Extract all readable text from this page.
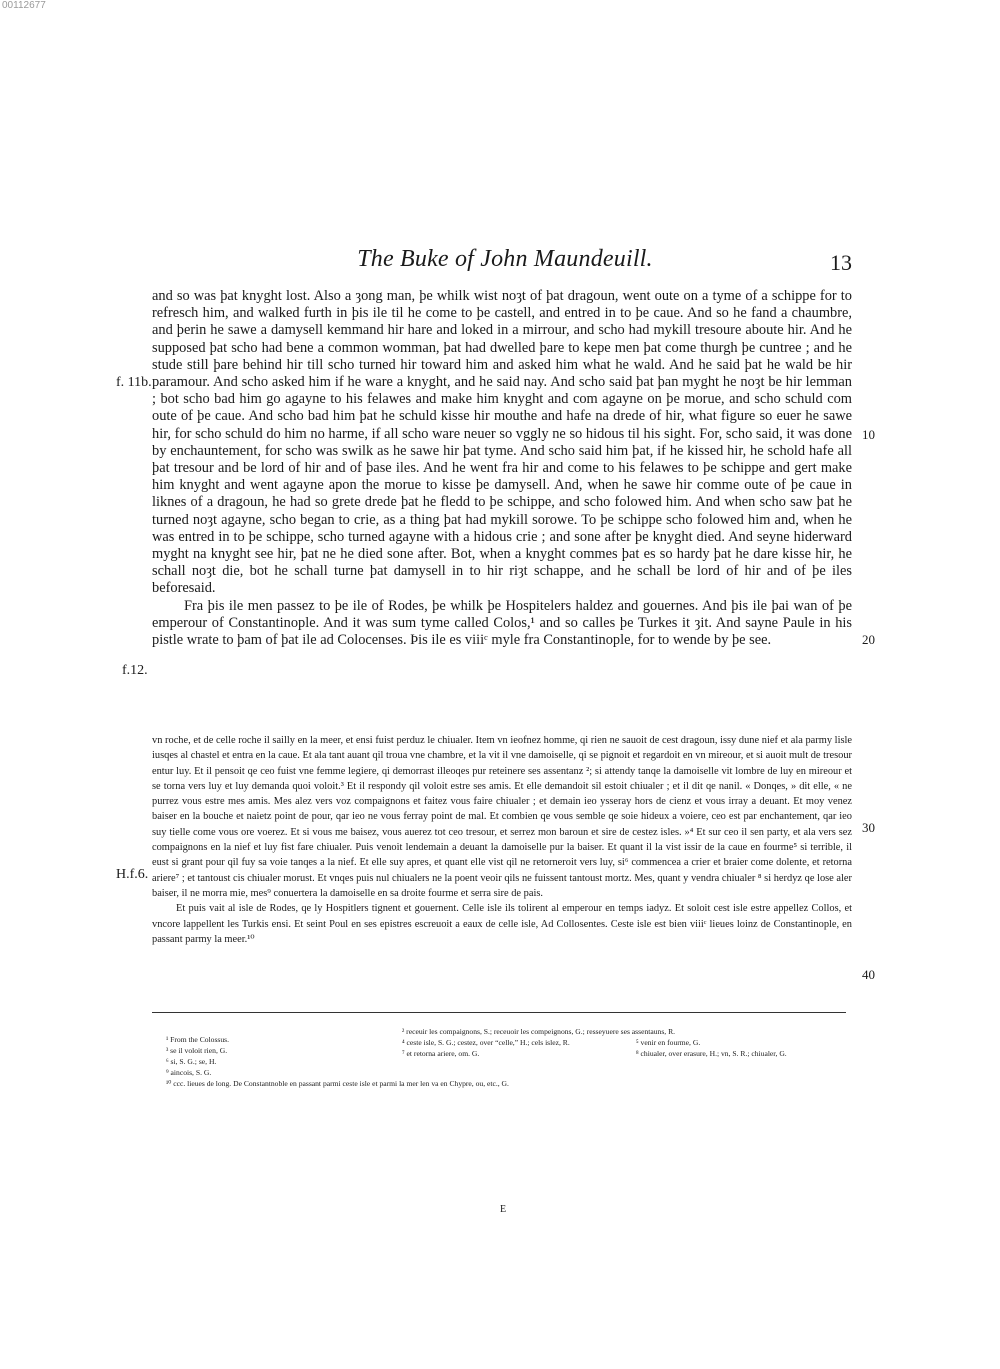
00112677
The Buke of John Maundeuill.	13
f. 11b.
f.12.
H.f.6.
10
20
30
40

and so was þat knyght lost. Also a ȝong man, þe whilk wist noȝt of þat dragoun, went oute on a tyme of a schippe for to refresch him, and walked furth in þis ile til he come to þe castell, and entred in to þe caue. And so he fand a chaumbre, and þerin he sawe a damysell kemmand hir hare and loked in a mirrour, and scho had mykill tresoure aboute hir. And he supposed þat scho had bene a common womman, þat had dwelled þare to kepe men þat come thurgh þe cuntree ; and he stude still þare behind hir till scho turned hir toward him and asked him what he wald. And he said þat he wald be hir paramour. And scho asked him if he ware a knyght, and he said nay. And scho said þat þan myght he noȝt be hir lemman ; bot scho bad him go agayne to his felawes and make him knyght and com agayne on þe morue, and scho schuld com oute of þe caue. And scho bad him þat he schuld kisse hir mouthe and hafe na drede of hir, what figure so euer he sawe hir, for scho schuld do him no harme, if all scho ware neuer so vggly ne so hidous til his sight. For, scho said, it was done by enchauntement, for scho was swilk as he sawe hir þat tyme. And scho said him þat, if he kissed hir, he schold hafe all þat tresour and be lord of hir and of þase iles. And he went fra hir and come to his felawes to þe schippe and gert make him knyght and went agayne apon the morue to kisse þe damysell. And, when he sawe hir comme oute of þe caue in liknes of a dragoun, he had so grete drede þat he fledd to þe schippe, and scho folowed him. And when scho saw þat he turned noȝt agayne, scho began to crie, as a thing þat had mykill sorowe. To þe schippe scho folowed him and, when he was entred in to þe schippe, scho turned agayne with a hidous crie ; and sone after þe knyght died. And seyne hiderward myght na knyght see hir, þat ne he died sone after. Bot, when a knyght commes þat es so hardy þat he dare kisse hir, he schall noȝt die, bot he schall turne þat damysell in to hir riȝt schappe, and he schall be lord of hir and of þe iles beforesaid.

Fra þis ile men passez to þe ile of Rodes, þe whilk þe Hospitelers haldez and gouernes. And þis ile þai wan of þe emperour of Constantinople. And it was sum tyme called Colos,¹ and so calles þe Turkes it ȝit. And sayne Paule in his pistle wrate to þam of þat ile ad Colocenses. Þis ile es viiiᶜ myle fra Constantinople, for to wende by þe see.

vn roche, et de celle roche il sailly en la meer, et ensi fuist perduz le chiualer. Item vn ieofnez homme, qi rien ne sauoit de cest dragoun, issy dune nief et ala parmy lisle iusqes al chastel et entra en la caue. Et ala tant auant qil troua vne chambre, et la vit il vne damoiselle, qi se pignoit et regardoit en vn mireour, et si auoit mult de tresour entur luy. Et il pensoit qe ceo fuist vne femme legiere, qi demorrast illeoqes pur reteinere ses assentanz ²; si attendy tanqe la damoiselle vit lombre de luy en mireour et se torna vers luy et luy demanda quoi voloit.³ Et il respondy qil voloit estre ses amis. Et elle demandoit sil estoit chiualer ; et il dit qe nanil. « Donqes, » dit elle, « ne purrez vous estre mes amis. Mes alez vers voz compaignons et faitez vous faire chiualer ; et demain ieo ysseray hors de cienz et vous irray a deuant. Et moy venez baiser en la bouche et naietz point de pour, qar ieo ne vous ferray point de mal. Et combien qe vous semble qe soie hideux a voiere, ceo est par enchantement, qar ieo suy tielle come vous ore voerez. Et si vous me baisez, vous auerez tot ceo tresour, et serrez mon baroun et sire de cestez isles. »⁴ Et sur ceo il sen party, et ala vers sez compaignons en la nief et luy fist fare chiualer. Puis venoit lendemain a deuant la damoiselle pur la baiser. Et quant il la vist issir de la caue en fourme⁵ si terrible, il eust si grant pour qil fuy sa voie tanqes a la nief. Et elle suy apres, et quant elle vist qil ne retorneroit vers luy, si⁶ commencea a crier et braier come dolente, et retorna ariere⁷ ; et tantoust cis chiualer morust. Et vnqes puis nul chiualers ne la poent veoir qils ne fuissent tantoust mortz. Mes, quant y vendra chiualer ⁸ si herdyz qe lose aler baiser, il ne morra mie, mes⁹ conuertera la damoiselle en sa droite fourme et serra sire de pais.

Et puis vait al isle de Rodes, qe ly Hospitlers tignent et gouernent. Celle isle ils tolirent al emperour en temps iadyz. Et soloit cest isle estre appellez Collos, et vncore lappellent les Turkis ensi. Et seint Poul en ses epistres escreuoit a eaux de celle isle, Ad Collosentes. Ceste isle est bien viiiᶜ lieues loinz de Constantinople, en passant parmy la meer.¹⁰

¹ From the Colossus.
³ se il voloit rien, G.
⁶ si, S. G.; se, H.
⁹ aincois, S. G.
¹⁰ ccc. lieues de long. De Constantnoble en passant parmi ceste isle et parmi la mer len va en Chypre, ou, etc., G.
² receuir les compaignons, S.; receuoir les compeignons, G.; resseyuere ses assentauns, R.
⁴ ceste isle, S. G.; cestez, over “celle,” H.; cels islez, R.
⁷ et retorna ariere, om. G.
⁵ venir en fourme, G.
⁸ chiualer, over erasure, H.; vn, S. R.; chiualer, G.
E
